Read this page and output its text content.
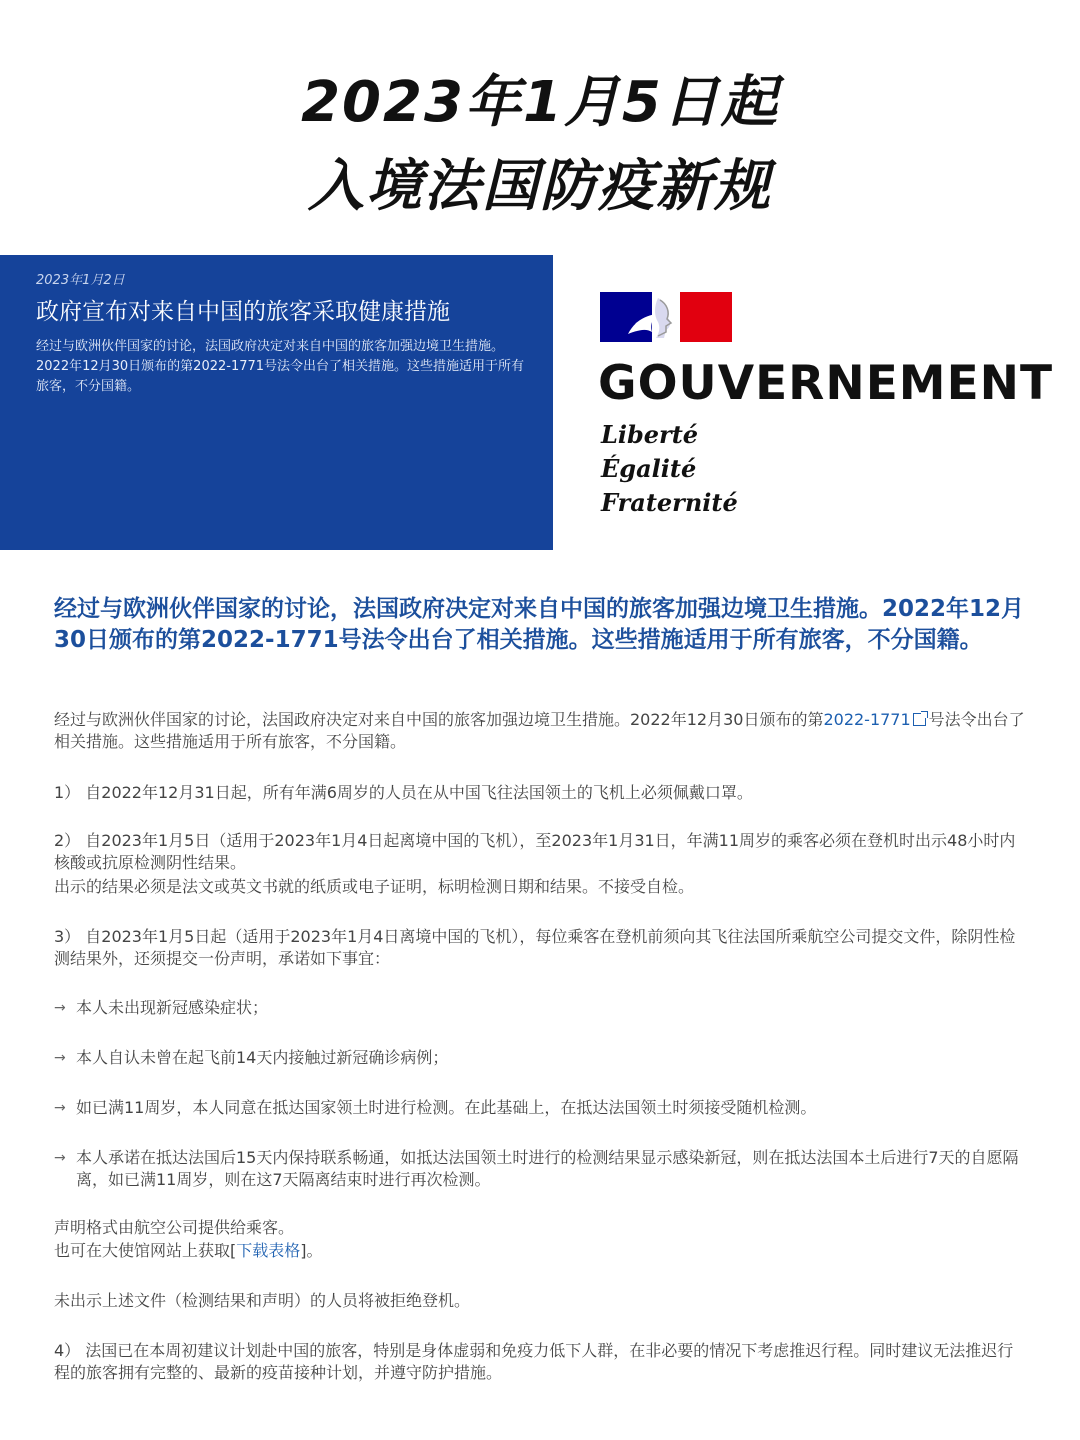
2023年1月5日起
入境法国防疫新规
2023年1月2日
政府宣布对来自中国的旅客采取健康措施
经过与欧洲伙伴国家的讨论，法国政府决定对来自中国的旅客加强边境卫生措施。2022年12月30日颁布的第2022-1771号法令出台了相关措施。这些措施适用于所有旅客，不分国籍。	GOUVERNEMENT
Liberté
Égalité
Fraternité
经过与欧洲伙伴国家的讨论，法国政府决定对来自中国的旅客加强边境卫生措施。2022年12月30日颁布的第2022-1771号法令出台了相关措施。这些措施适用于所有旅客，不分国籍。
经过与欧洲伙伴国家的讨论，法国政府决定对来自中国的旅客加强边境卫生措施。2022年12月30日颁布的第2022-1771 号法令出台了相关措施。这些措施适用于所有旅客，不分国籍。
1） 自2022年12月31日起，所有年满6周岁的人员在从中国飞往法国领土的飞机上必须佩戴口罩。
2） 自2023年1月5日（适用于2023年1月4日起离境中国的飞机），至2023年1月31日，年满11周岁的乘客必须在登机时出示48小时内核酸或抗原检测阴性结果。
出示的结果必须是法文或英文书就的纸质或电子证明，标明检测日期和结果。不接受自检。
3） 自2023年1月5日起（适用于2023年1月4日离境中国的飞机），每位乘客在登机前须向其飞往法国所乘航空公司提交文件，除阴性检测结果外，还须提交一份声明，承诺如下事宜：
→ 本人未出现新冠感染症状；
→ 本人自认未曾在起飞前14天内接触过新冠确诊病例；
→ 如已满11周岁，本人同意在抵达国家领土时进行检测。在此基础上，在抵达法国领土时须接受随机检测。
→ 本人承诺在抵达法国后15天内保持联系畅通，如抵达法国领土时进行的检测结果显示感染新冠，则在抵达法国本土后进行7天的自愿隔离，如已满11周岁，则在这7天隔离结束时进行再次检测。
声明格式由航空公司提供给乘客。
也可在大使馆网站上获取[下载表格]。
未出示上述文件（检测结果和声明）的人员将被拒绝登机。
4） 法国已在本周初建议计划赴中国的旅客，特别是身体虚弱和免疫力低下人群，在非必要的情况下考虑推迟行程。同时建议无法推迟行程的旅客拥有完整的、最新的疫苗接种计划，并遵守防护措施。
